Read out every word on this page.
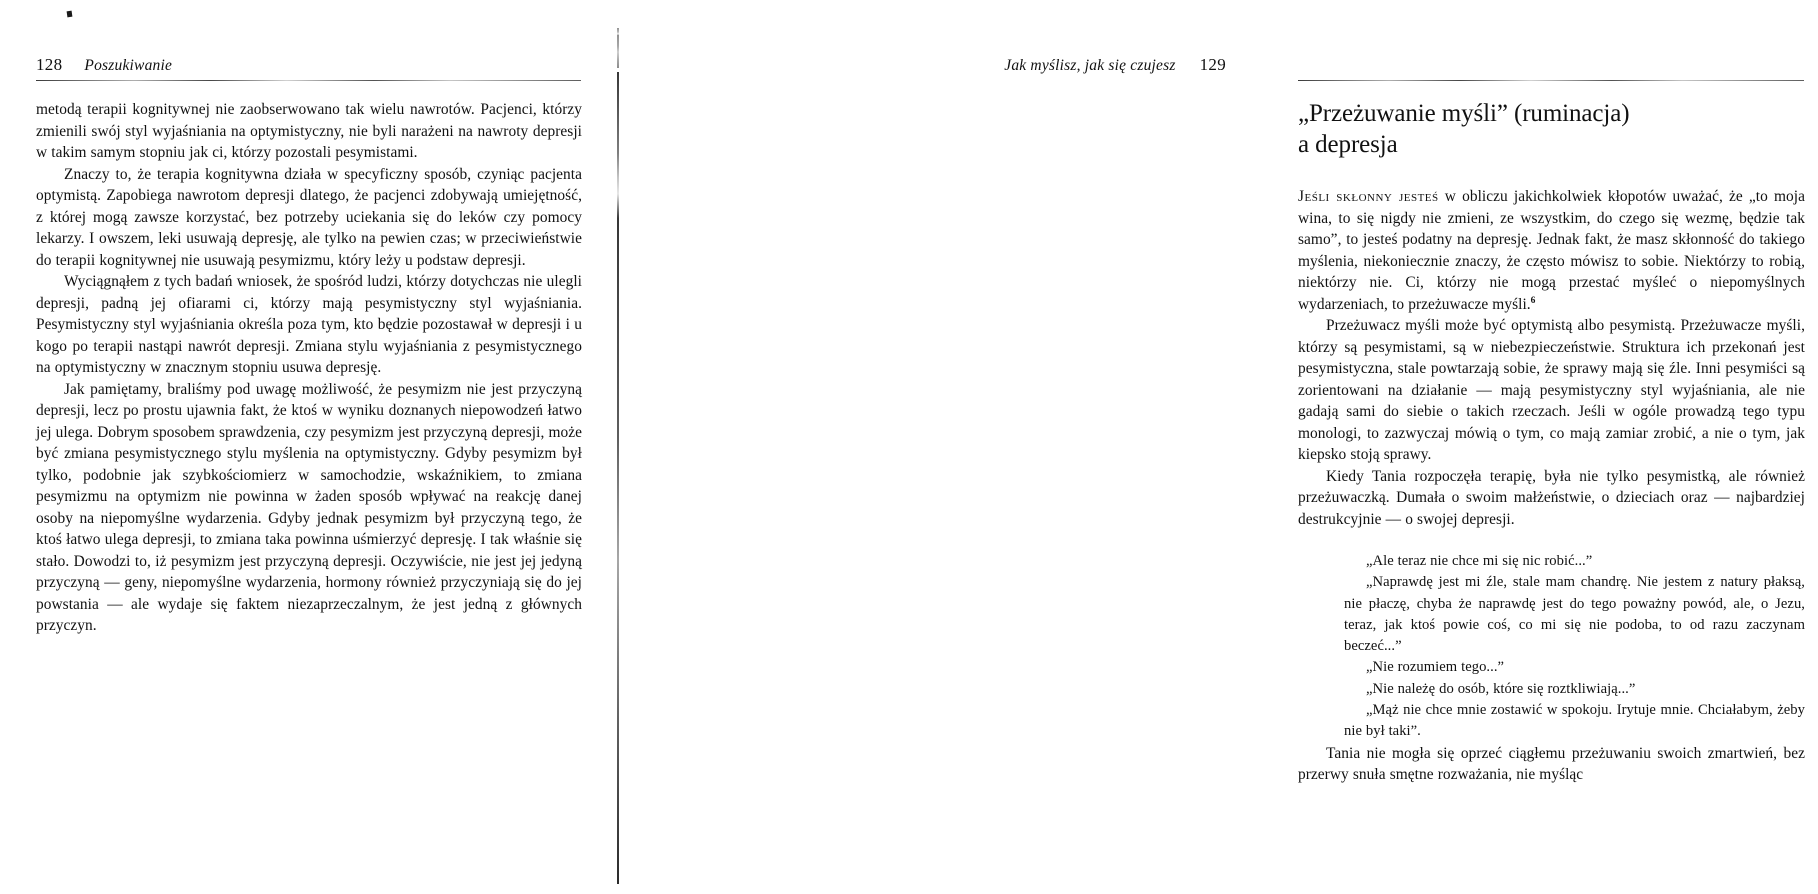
128 Poszukiwanie

metodą terapii kognitywnej nie zaobserwowano tak wielu nawrotów. Pacjenci, którzy zmienili swój styl wyjaśniania na optymistyczny, nie byli narażeni na nawroty depresji w takim samym stopniu jak ci, którzy pozostali pesymistami.

Znaczy to, że terapia kognitywna działa w specyficzny sposób, czyniąc pacjenta optymistą. Zapobiega nawrotom depresji dlatego, że pacjenci zdobywają umiejętność, z której mogą zawsze korzystać, bez potrzeby uciekania się do leków czy pomocy lekarzy. I owszem, leki usuwają depresję, ale tylko na pewien czas; w przeciwieństwie do terapii kognitywnej nie usuwają pesymizmu, który leży u podstaw depresji.

Wyciągnąłem z tych badań wniosek, że spośród ludzi, którzy dotychczas nie ulegli depresji, padną jej ofiarami ci, którzy mają pesymistyczny styl wyjaśniania. Pesymistyczny styl wyjaśniania określa poza tym, kto będzie pozostawał w depresji i u kogo po terapii nastąpi nawrót depresji. Zmiana stylu wyjaśniania z pesymistycznego na optymistyczny w znacznym stopniu usuwa depresję.

Jak pamiętamy, braliśmy pod uwagę możliwość, że pesymizm nie jest przyczyną depresji, lecz po prostu ujawnia fakt, że ktoś w wyniku doznanych niepowodzeń łatwo jej ulega. Dobrym sposobem sprawdzenia, czy pesymizm jest przyczyną depresji, może być zmiana pesymistycznego stylu myślenia na optymistyczny. Gdyby pesymizm był tylko, podobnie jak szybkościomierz w samochodzie, wskaźnikiem, to zmiana pesymizmu na optymizm nie powinna w żaden sposób wpływać na reakcję danej osoby na niepomyślne wydarzenia. Gdyby jednak pesymizm był przyczyną tego, że ktoś łatwo ulega depresji, to zmiana taka powinna uśmierzyć depresję. I tak właśnie się stało. Dowodzi to, iż pesymizm jest przyczyną depresji. Oczywiście, nie jest jej jedyną przyczyną — geny, niepomyślne wydarzenia, hormony również przyczyniają się do jej powstania — ale wydaje się faktem niezaprzeczalnym, że jest jedną z głównych przyczyn.

Jak myślisz, jak się czujesz 129
„Przeżuwanie myśli” (ruminacja)
a depresja

Jeśli skłonny jesteś w obliczu jakichkolwiek kłopotów uważać, że „to moja wina, to się nigdy nie zmieni, ze wszystkim, do czego się wezmę, będzie tak samo”, to jesteś podatny na depresję. Jednak fakt, że masz skłonność do takiego myślenia, niekoniecznie znaczy, że często mówisz to sobie. Niektórzy to robią, niektórzy nie. Ci, którzy nie mogą przestać myśleć o niepomyślnych wydarzeniach, to przeżuwacze myśli.$^6$

Przeżuwacz myśli może być optymistą albo pesymistą. Przeżuwacze myśli, którzy są pesymistami, są w niebezpieczeństwie. Struktura ich przekonań jest pesymistyczna, stale powtarzają sobie, że sprawy mają się źle. Inni pesymiści są zorientowani na działanie — mają pesymistyczny styl wyjaśniania, ale nie gadają sami do siebie o takich rzeczach. Jeśli w ogóle prowadzą tego typu monologi, to zazwyczaj mówią o tym, co mają zamiar zrobić, a nie o tym, jak kiepsko stoją sprawy.

Kiedy Tania rozpoczęła terapię, była nie tylko pesymistką, ale również przeżuwaczką. Dumała o swoim małżeństwie, o dzieciach oraz — najbardziej destrukcyjnie — o swojej depresji.

„Ale teraz nie chce mi się nic robić...”

„Naprawdę jest mi źle, stale mam chandrę. Nie jestem z natury płaksą, nie płaczę, chyba że naprawdę jest do tego poważny powód, ale, o Jezu, teraz, jak ktoś powie coś, co mi się nie podoba, to od razu zaczynam beczeć...”

„Nie rozumiem tego...”

„Nie należę do osób, które się roztkliwiają...”

„Mąż nie chce mnie zostawić w spokoju. Irytuje mnie. Chciałabym, żeby nie był taki”.

Tania nie mogła się oprzeć ciągłemu przeżuwaniu swoich zmartwień, bez przerwy snuła smętne rozważania, nie myśląc
